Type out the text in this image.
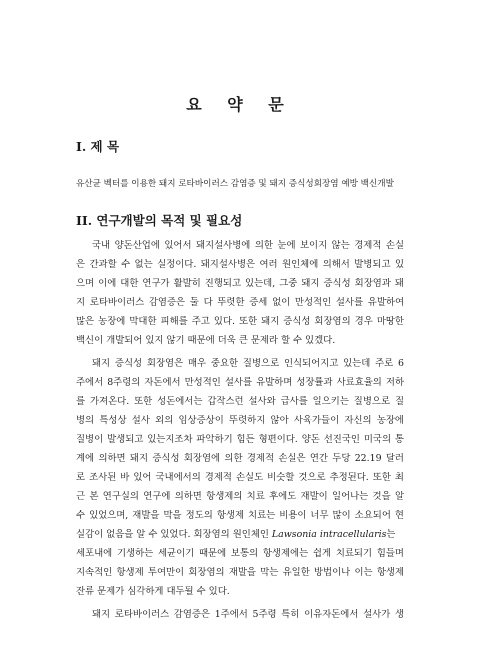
요 약 문
I. 제 목

유산균 벡터를 이용한 돼지 로타바이러스 감염증 및 돼지 증식성회장염 예방 백신개발

II. 연구개발의 목적 및 필요성

국내 양돈산업에 있어서 돼지설사병에 의한 눈에 보이지 않는 경제적 손실

은 간과할 수 없는 실정이다. 돼지설사병은 여러 원인체에 의해서 발병되고 있

으며 이에 대한 연구가 활발히 진행되고 있는데, 그중 돼지 증식성 회장염과 돼

지 로타바이러스 감염증은 둘 다 뚜렷한 증세 없이 만성적인 설사를 유발하여

많은 농장에 막대한 피해를 주고 있다. 또한 돼지 증식성 회장염의 경우 마땅한

백신이 개발되어 있지 않기 때문에 더욱 큰 문제라 할 수 있겠다.

돼지 증식성 회장염은 매우 중요한 질병으로 인식되어지고 있는데 주로 6

주에서 8주령의 자돈에서 만성적인 설사를 유발하며 성장률과 사료효율의 저하

를 가져온다. 또한 성돈에서는 갑작스런 설사와 급사를 일으키는 질병으로 질

병의 특성상 설사 외의 임상증상이 뚜렷하지 않아 사육가들이 자신의 농장에

질병이 발생되고 있는지조차 파악하기 힘든 형편이다. 양돈 선진국인 미국의 통

계에 의하면 돼지 증식성 회장염에 의한 경제적 손실은 연간 두당 22.19 달러

로 조사된 바 있어 국내에서의 경제적 손실도 비슷할 것으로 추정된다. 또한 최

근 본 연구실의 연구에 의하면 항생제의 치료 후에도 재발이 일어나는 것을 알

수 있었으며, 재발을 막을 정도의 항생제 치료는 비용이 너무 많이 소요되어 현

실감이 없음을 알 수 있었다. 회장염의 원인체인 Lawsonia intracellularis는

세포내에 기생하는 세균이기 때문에 보통의 항생제에는 쉽게 치료되기 힘들며

지속적인 항생제 투여만이 회장염의 재발을 막는 유일한 방법이나 이는 항생제

잔류 문제가 심각하게 대두될 수 있다.

돼지 로타바이러스 감염증은 1주에서 5주령 특히 이유자돈에서 설사가 생
